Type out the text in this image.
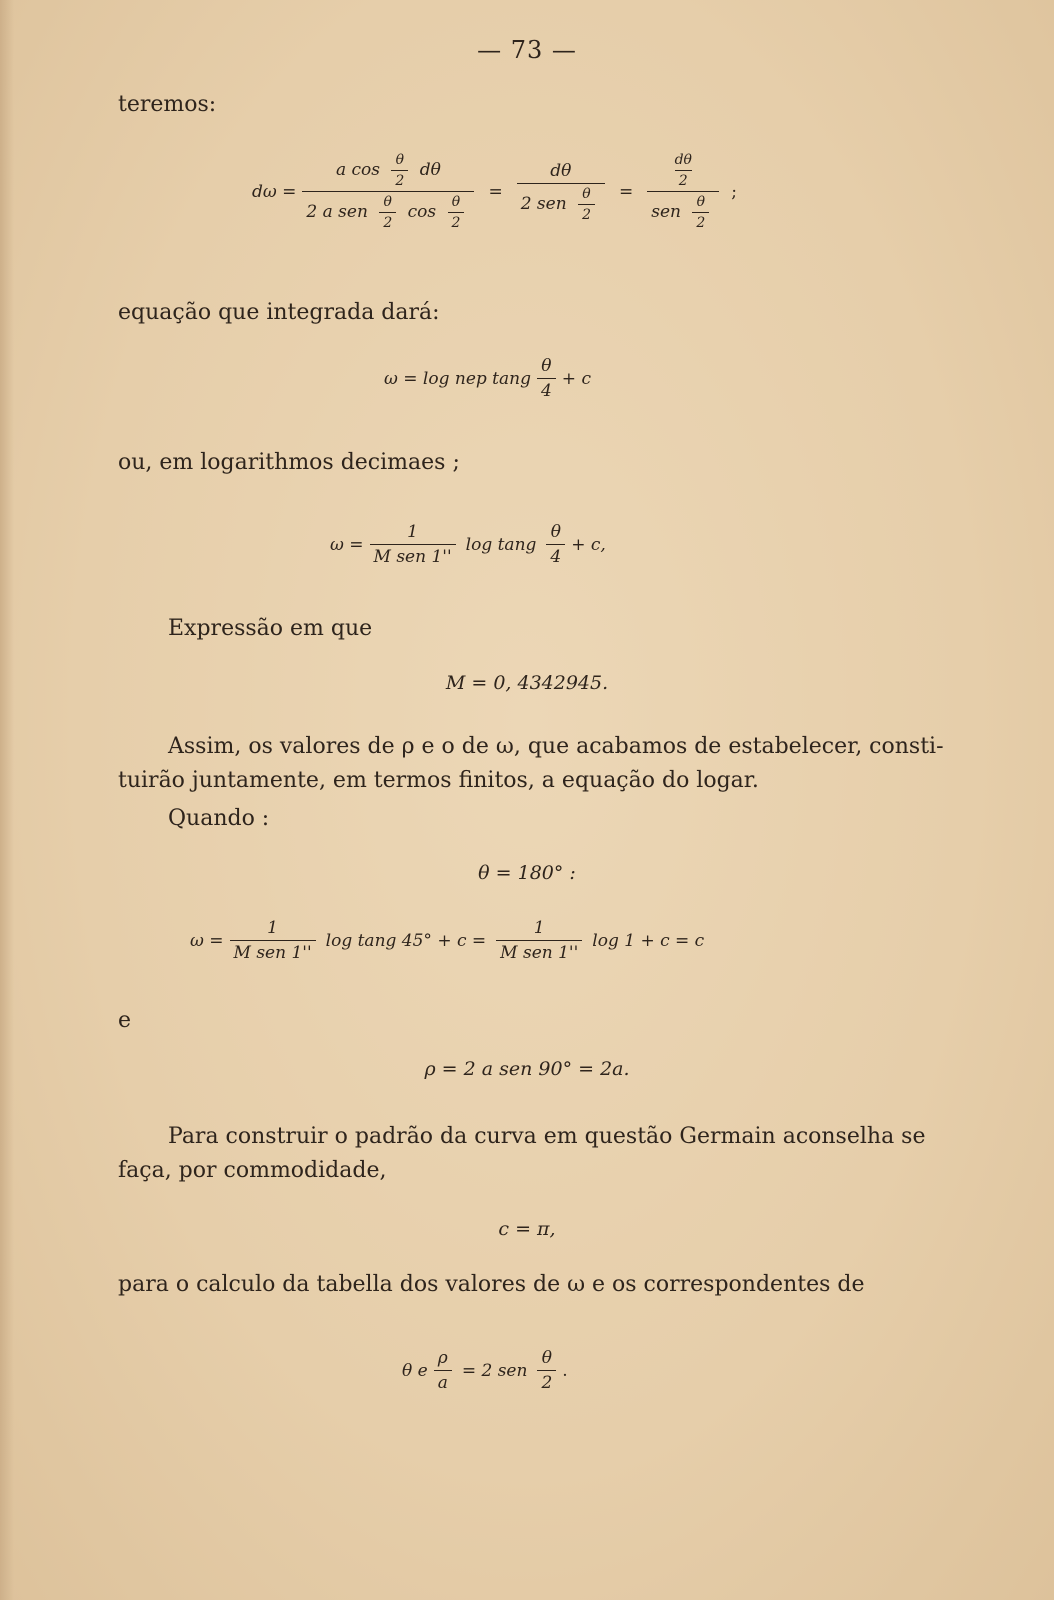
— 73 —
teremos:
dω =
a $\cos \frac{\theta}{2}$ dθ
2 a sen $\frac{\theta}{2}$ $\cos \frac{\theta}{2}$
= $\frac{d\theta}{2 sen \frac{\theta}{2}} = \frac{\frac{d\theta}{2}}{sen \frac{\theta}{2}}$ ;
equação que integrada dará:
ω = log nep tang $\frac{\theta}{4} + c$
ou, em logarithmos decimaes ;
$\omega = \frac{1}{\text{M sen 1''}}$ log tang $\frac{\theta}{4} + c$,
Expressão em que
M = 0, 4342945.
Assim, os valores de ρ e o de ω, que acabamos de estabelecer, consti-
tuirão juntamente, em termos finitos, a equação do logar.
Quando :
θ = 180° :
$\omega = \frac{1}{\text{M sen 1''}}$ log tang $45^\circ + c = \frac{1}{\text{M sen 1''}}$ log 1 + c = c
e
ρ = 2 a sen 90° = 2a.
Para construir o padrão da curva em questão Germain aconselha se
faça, por commodidade,
c = π,
para o calculo da tabella dos valores de ω e os correspondentes de
θ e $\frac{\rho}{a} = 2$ sen $\frac{\theta}{2}$ .
